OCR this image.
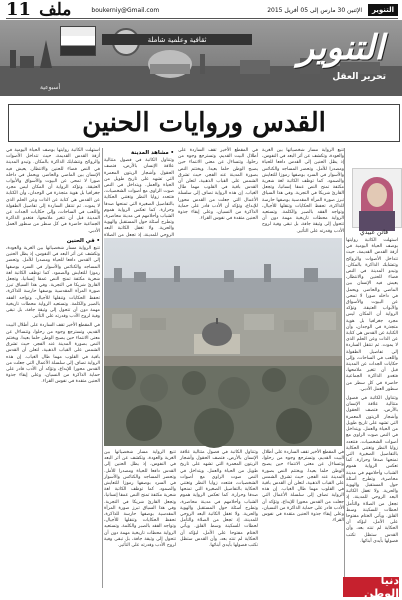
11 ملف	boukerniy@Gmail.com	الإثنين 30 مارس إلى 05 أفريل 2015	التنوير
ثقافية وعلمية شاملة	التنوير
تحرير العقل
أسبوعية
القدس وروايات الحنين
فاتن عبيدي

استهلت الكاتبة روايتها بوصف الحياة اليومية في أزقة القدس القديمة، حيث تتداخل الأصوات والروائح وتتشابك الذاكرة بالمكان. وتبدو المدينة في النص فضاء للحنين والانتظار، يعيش فيه الإنسان بين الماضي والحاضر، ويحمل في داخله صورا لا تمحى عن البيوت والأسواق والأبواب العتيقة. وتؤكد الرواية أن المكان ليس مجرد جغرافيا بل هوية متجذرة في الوجدان، وأن الكتابة عن القدس هي كتابة عن الذات وعن الحلم الذي لا يموت. ثم تنتقل الساردة إلى تفاصيل الطفولة واللعب في الساحات، وإلى حكايات الجدات عن المدينة قبل أن تتغير ملامحها، فتغدو الذاكرة الجماعية حاضرة في كل سطر من سطور العمل الأدبي.

وتتناول الكاتبة في فصول متتالية علاقة الإنسان بالأرض، فتصف الحقول وأشجار الزيتون المعمرة التي تشهد على تاريخ طويل من الحياة والعمل. ويتداخل في النص صوت الراوي مع أصوات الشخصيات، فتتعدد زوايا النظر وتغتني الحكاية بالتفاصيل الصغيرة التي تمنحها صدقا وحرارة. كما تعكس الرواية هموم الشباب وأحلامهم في مدينة محاصرة، وتطرح أسئلة حول المستقبل والهوية والحرية. ولا تغفل الكاتبة البعد الروحي للمدينة، إذ تجعل من الصلاة والتأمل لحظات للسكينة وسط القلق. ويأتي الختام مفتوحا على الأمل، ليؤكد أن الحكاية لم تنته بعد، وأن القدس ستظل تكتب فصولها بأيدي أبنائها.

تتبع الرواية مسار شخصياتها بين الغربة والعودة، وتكشف عن أثر البعد في النفوس، إذ يظل الحنين إلى القدس دافعا للحياة ومصدرا للأمل. وتحضر المساجد والكنائس والأسوار في السرد بوصفها رموزا للتعايش والصمود. كما توظف الكاتبة لغة شعرية مكثفة تمنح النص عمقا إنسانيا، وتجعل القارئ شريكا في التجربة. وفي هذا السياق تبرز صورة المرأة المقدسية بوصفها حارسة للذاكرة، تحفظ الحكايات وتنقلها للأجيال، وتواجه الفقد بالصبر والكلمة. وتستعيد الرواية محطات تاريخية مهمة دون أن تتحول إلى وثيقة جافة، بل تبقى وفية لروح الأدب وقدرته على التأثير.

في المقطع الأخير تقف الساردة على أطلال البيت القديم، وتسترجع وجوه من رحلوا، وتتساءل عن معنى الانتماء حين يصبح الوطن حلما بعيدا. ويختتم النص بصورة المدينة عند الفجر، حيث تشرق الشمس على القباب الذهبية، لتعلن أن القدس باقية في القلوب مهما طال الغياب. إن هذه الرواية تضاف إلى سلسلة الأعمال التي جعلت من القدس محورا للإبداع، وتؤكد أن الأدب قادر على حماية الذاكرة من النسيان، وعلى إبقاء جذوة الحنين متقدة في نفوس القراء.

• مشاهد المدينة

وتتناول الكاتبة في فصول متتالية علاقة الإنسان بالأرض، فتصف الحقول وأشجار الزيتون المعمرة التي تشهد على تاريخ طويل من الحياة والعمل. ويتداخل في النص صوت الراوي مع أصوات الشخصيات، فتتعدد زوايا النظر وتغتني الحكاية بالتفاصيل الصغيرة التي تمنحها صدقا وحرارة. كما تعكس الرواية هموم الشباب وأحلامهم في مدينة محاصرة، وتطرح أسئلة حول المستقبل والهوية والحرية. ولا تغفل الكاتبة البعد الروحي للمدينة، إذ تجعل من الصلاة

استهلت الكاتبة روايتها بوصف الحياة اليومية في أزقة القدس القديمة، حيث تتداخل الأصوات والروائح وتتشابك الذاكرة بالمكان. وتبدو المدينة في النص فضاء للحنين والانتظار، يعيش فيه الإنسان بين الماضي والحاضر، ويحمل في داخله صورا لا تمحى عن البيوت والأسواق والأبواب العتيقة. وتؤكد الرواية أن المكان ليس مجرد جغرافيا بل هوية متجذرة في الوجدان، وأن الكتابة عن القدس هي كتابة عن الذات وعن الحلم الذي لا يموت. ثم تنتقل الساردة إلى تفاصيل الطفولة واللعب في الساحات، وإلى حكايات الجدات عن المدينة قبل أن تتغير ملامحها، فتغدو الذاكرة الجماعية حاضرة في كل سطر من سطور العمل الأدبي.

• في الحنين

تتبع الرواية مسار شخصياتها بين الغربة والعودة، وتكشف عن أثر البعد في النفوس، إذ يظل الحنين إلى القدس دافعا للحياة ومصدرا للأمل. وتحضر المساجد والكنائس والأسوار في السرد بوصفها رموزا للتعايش والصمود. كما توظف الكاتبة لغة شعرية مكثفة تمنح النص عمقا إنسانيا، وتجعل القارئ شريكا في التجربة. وفي هذا السياق تبرز صورة المرأة المقدسية بوصفها حارسة للذاكرة، تحفظ الحكايات وتنقلها للأجيال، وتواجه الفقد بالصبر والكلمة. وتستعيد الرواية محطات تاريخية مهمة دون أن تتحول إلى وثيقة جافة، بل تبقى وفية لروح الأدب وقدرته على التأثير.

في المقطع الأخير تقف الساردة على أطلال البيت القديم، وتسترجع وجوه من رحلوا، وتتساءل عن معنى الانتماء حين يصبح الوطن حلما بعيدا. ويختتم النص بصورة المدينة عند الفجر، حيث تشرق الشمس على القباب الذهبية، لتعلن أن القدس باقية في القلوب مهما طال الغياب. إن هذه الرواية تضاف إلى سلسلة الأعمال التي جعلت من القدس محورا للإبداع، وتؤكد أن الأدب قادر على حماية الذاكرة من النسيان، وعلى إبقاء جذوة الحنين متقدة في نفوس القراء.

في المقطع الأخير تقف الساردة على أطلال البيت القديم، وتسترجع وجوه من رحلوا، وتتساءل عن معنى الانتماء حين يصبح الوطن حلما بعيدا. ويختتم النص بصورة المدينة عند الفجر، حيث تشرق الشمس على القباب الذهبية، لتعلن أن القدس باقية في القلوب مهما طال الغياب. إن هذه الرواية تضاف إلى سلسلة الأعمال التي جعلت من القدس محورا للإبداع، وتؤكد أن الأدب قادر على حماية الذاكرة من النسيان، وعلى إبقاء جذوة الحنين متقدة في نفوس القراء.

وتتناول الكاتبة في فصول متتالية علاقة الإنسان بالأرض، فتصف الحقول وأشجار الزيتون المعمرة التي تشهد على تاريخ طويل من الحياة والعمل. ويتداخل في النص صوت الراوي مع أصوات الشخصيات، فتتعدد زوايا النظر وتغتني الحكاية بالتفاصيل الصغيرة التي تمنحها صدقا وحرارة. كما تعكس الرواية هموم الشباب وأحلامهم في مدينة محاصرة، وتطرح أسئلة حول المستقبل والهوية والحرية. ولا تغفل الكاتبة البعد الروحي للمدينة، إذ تجعل من الصلاة والتأمل لحظات للسكينة وسط القلق. ويأتي الختام مفتوحا على الأمل، ليؤكد أن الحكاية لم تنته بعد، وأن القدس ستظل تكتب فصولها بأيدي أبنائها.

تتبع الرواية مسار شخصياتها بين الغربة والعودة، وتكشف عن أثر البعد في النفوس، إذ يظل الحنين إلى القدس دافعا للحياة ومصدرا للأمل. وتحضر المساجد والكنائس والأسوار في السرد بوصفها رموزا للتعايش والصمود. كما توظف الكاتبة لغة شعرية مكثفة تمنح النص عمقا إنسانيا، وتجعل القارئ شريكا في التجربة. وفي هذا السياق تبرز صورة المرأة المقدسية بوصفها حارسة للذاكرة، تحفظ الحكايات وتنقلها للأجيال، وتواجه الفقد بالصبر والكلمة. وتستعيد الرواية محطات تاريخية مهمة دون أن تتحول إلى وثيقة جافة، بل تبقى وفية لروح الأدب وقدرته على التأثير.

دنيا الوطن
